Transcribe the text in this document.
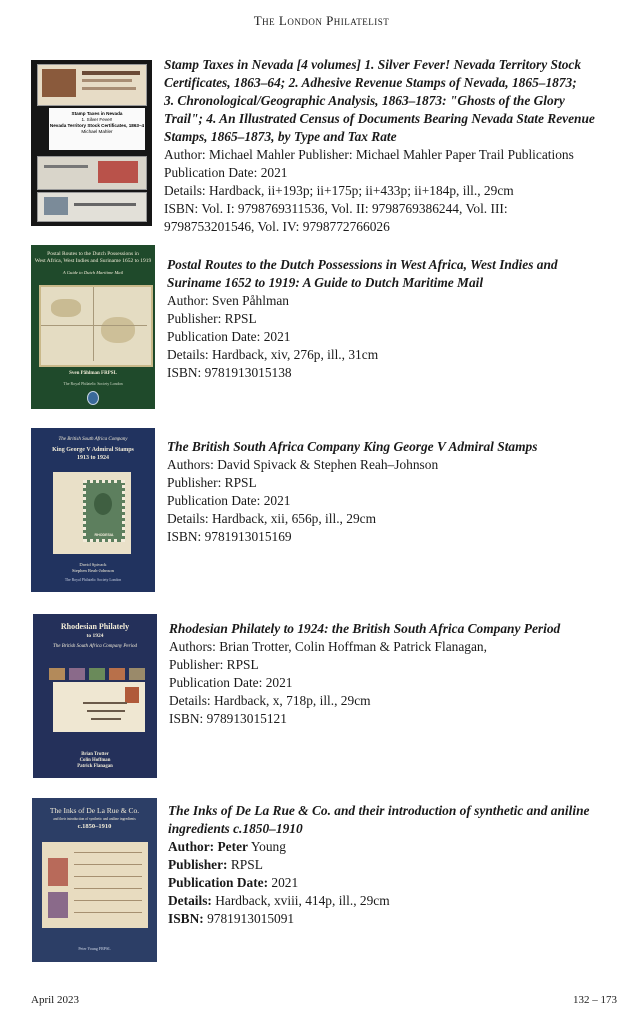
The London Philatelist
Stamp Taxes in Nevada
1. Silver Fever!
Nevada Territory Stock Certificates, 1863–4
Michael Mahler
Stamp Taxes in Nevada [4 volumes] 1. Silver Fever! Nevada Territory Stock
Certificates, 1863–64; 2. Adhesive Revenue Stamps of Nevada, 1865–1873;
3. Chronological/Geographic Analysis, 1863–1873: "Ghosts of the Glory
Trail"; 4. An Illustrated Census of Documents Bearing Nevada State Revenue
Stamps, 1865–1873, by Type and Tax Rate
Author: Michael Mahler Publisher: Michael Mahler Paper Trail Publications
Publication Date: 2021
Details: Hardback, ii+193p; ii+175p; ii+433p; ii+184p, ill., 29cm
ISBN: Vol. I: 9798769311536, Vol. II: 9798769386244, Vol. III:
9798753201546, Vol. IV: 9798772766026
Postal Routes to the Dutch Possessions in
West Africa, West Indies and Suriname 1652 to 1919
A Guide to Dutch Maritime Mail
Sven Påhlman FRPSL
The Royal Philatelic Society London
Postal Routes to the Dutch Possessions in West Africa, West Indies and
Suriname 1652 to 1919: A Guide to Dutch Maritime Mail
Author: Sven Påhlman
Publisher: RPSL
Publication Date: 2021
Details: Hardback, xiv, 276p, ill., 31cm
ISBN: 9781913015138
The British South Africa Company
King George V Admiral Stamps
1913 to 1924
RHODESIA
David Spivack
Stephen Reah-Johnson
The Royal Philatelic Society London
The British South Africa Company King George V Admiral Stamps
Authors: David Spivack & Stephen Reah–Johnson
Publisher: RPSL
Publication Date: 2021
Details: Hardback, xii, 656p, ill., 29cm
ISBN: 9781913015169
Rhodesian Philately
to 1924
The British South Africa Company Period
Brian Trotter
Colin Hoffman
Patrick Flanagan
Rhodesian Philately to 1924: the British South Africa Company Period
Authors: Brian Trotter, Colin Hoffman & Patrick Flanagan,
Publisher: RPSL
Publication Date: 2021
Details: Hardback, x, 718p, ill., 29cm
ISBN: 978913015121
The Inks of De La Rue & Co.
and their introduction of synthetic and aniline ingredients
c.1850–1910
Peter Young FRPSL
The Inks of De La Rue & Co. and their introduction of synthetic and aniline
ingredients c.1850–1910
Author: Peter Young
Publisher: RPSL
Publication Date: 2021
Details: Hardback, xviii, 414p, ill., 29cm
ISBN: 9781913015091
April 2023	132 – 173
